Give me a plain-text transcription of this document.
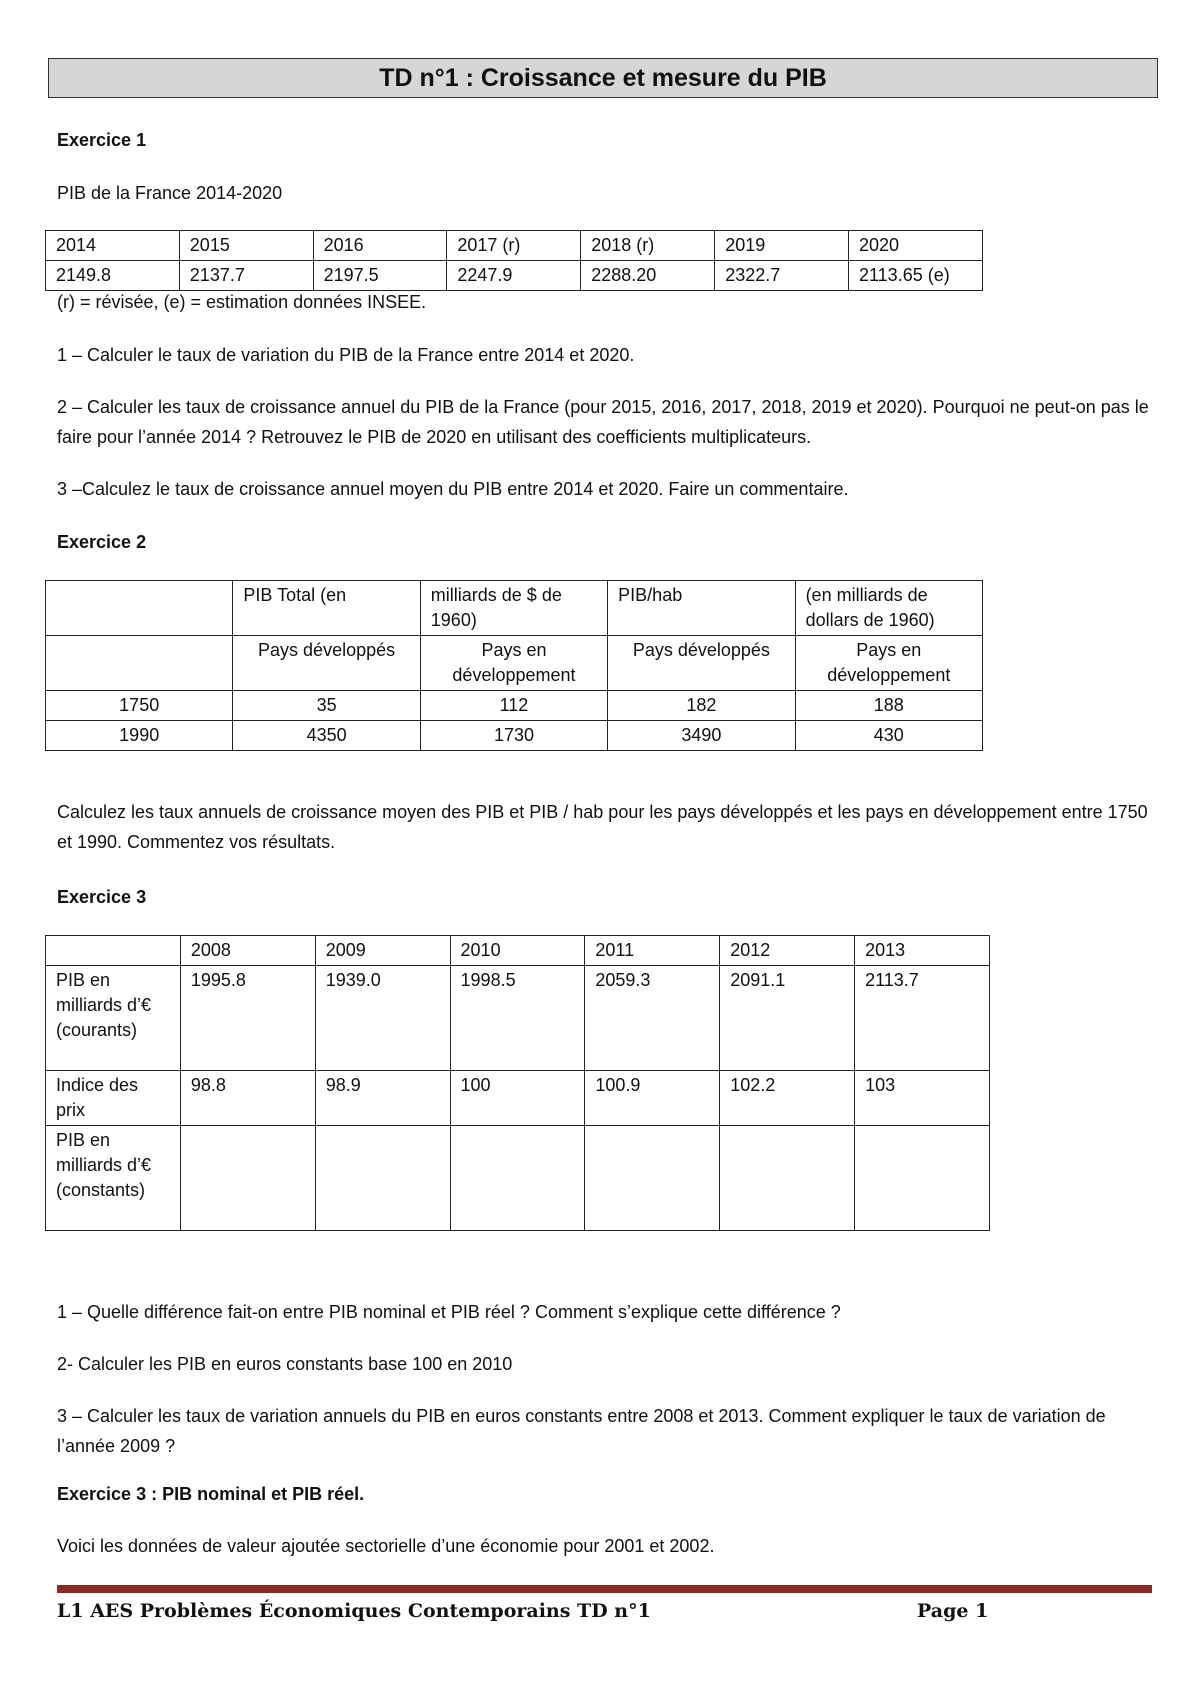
TD n°1 : Croissance et mesure du PIB

Exercice 1

PIB de la France 2014-2020

2014	2015	2016	2017 (r)	2018 (r)	2019	2020
2149.8	2137.7	2197.5	2247.9	2288.20	2322.7	2113.65 (e)

(r) = révisée, (e) = estimation données INSEE.

1 – Calculer le taux de variation du PIB de la France entre 2014 et 2020.

2 – Calculer les taux de croissance annuel du PIB de la France (pour 2015, 2016, 2017, 2018, 2019 et 2020). Pourquoi ne peut-on pas le faire pour l’année 2014 ? Retrouvez le PIB de 2020 en utilisant des coefficients multiplicateurs.

3 –Calculez le taux de croissance annuel moyen du PIB entre 2014 et 2020. Faire un commentaire.

Exercice 2

	PIB Total (en	milliards de $ de 1960)	PIB/hab	(en milliards de dollars de 1960)
	Pays développés	Pays en développement	Pays développés	Pays en développement
1750	35	112	182	188
1990	4350	1730	3490	430

Calculez les taux annuels de croissance moyen des PIB et PIB / hab pour les pays développés et les pays en développement entre 1750 et 1990. Commentez vos résultats.

Exercice 3

	2008	2009	2010	2011	2012	2013
PIB en milliards d’€ (courants)	1995.8	1939.0	1998.5	2059.3	2091.1	2113.7
Indice des prix	98.8	98.9	100	100.9	102.2	103
PIB en milliards d’€ (constants)						

1 – Quelle différence fait-on entre PIB nominal et PIB réel ? Comment s’explique cette différence ?

2- Calculer les PIB en euros constants base 100 en 2010

3 – Calculer les taux de variation annuels du PIB en euros constants entre 2008 et 2013. Comment expliquer le taux de variation de l’année 2009 ?

Exercice 3 : PIB nominal et PIB réel.

Voici les données de valeur ajoutée sectorielle d’une économie pour 2001 et 2002.

L1 AES Problèmes Économiques Contemporains TD n°1	Page 1
